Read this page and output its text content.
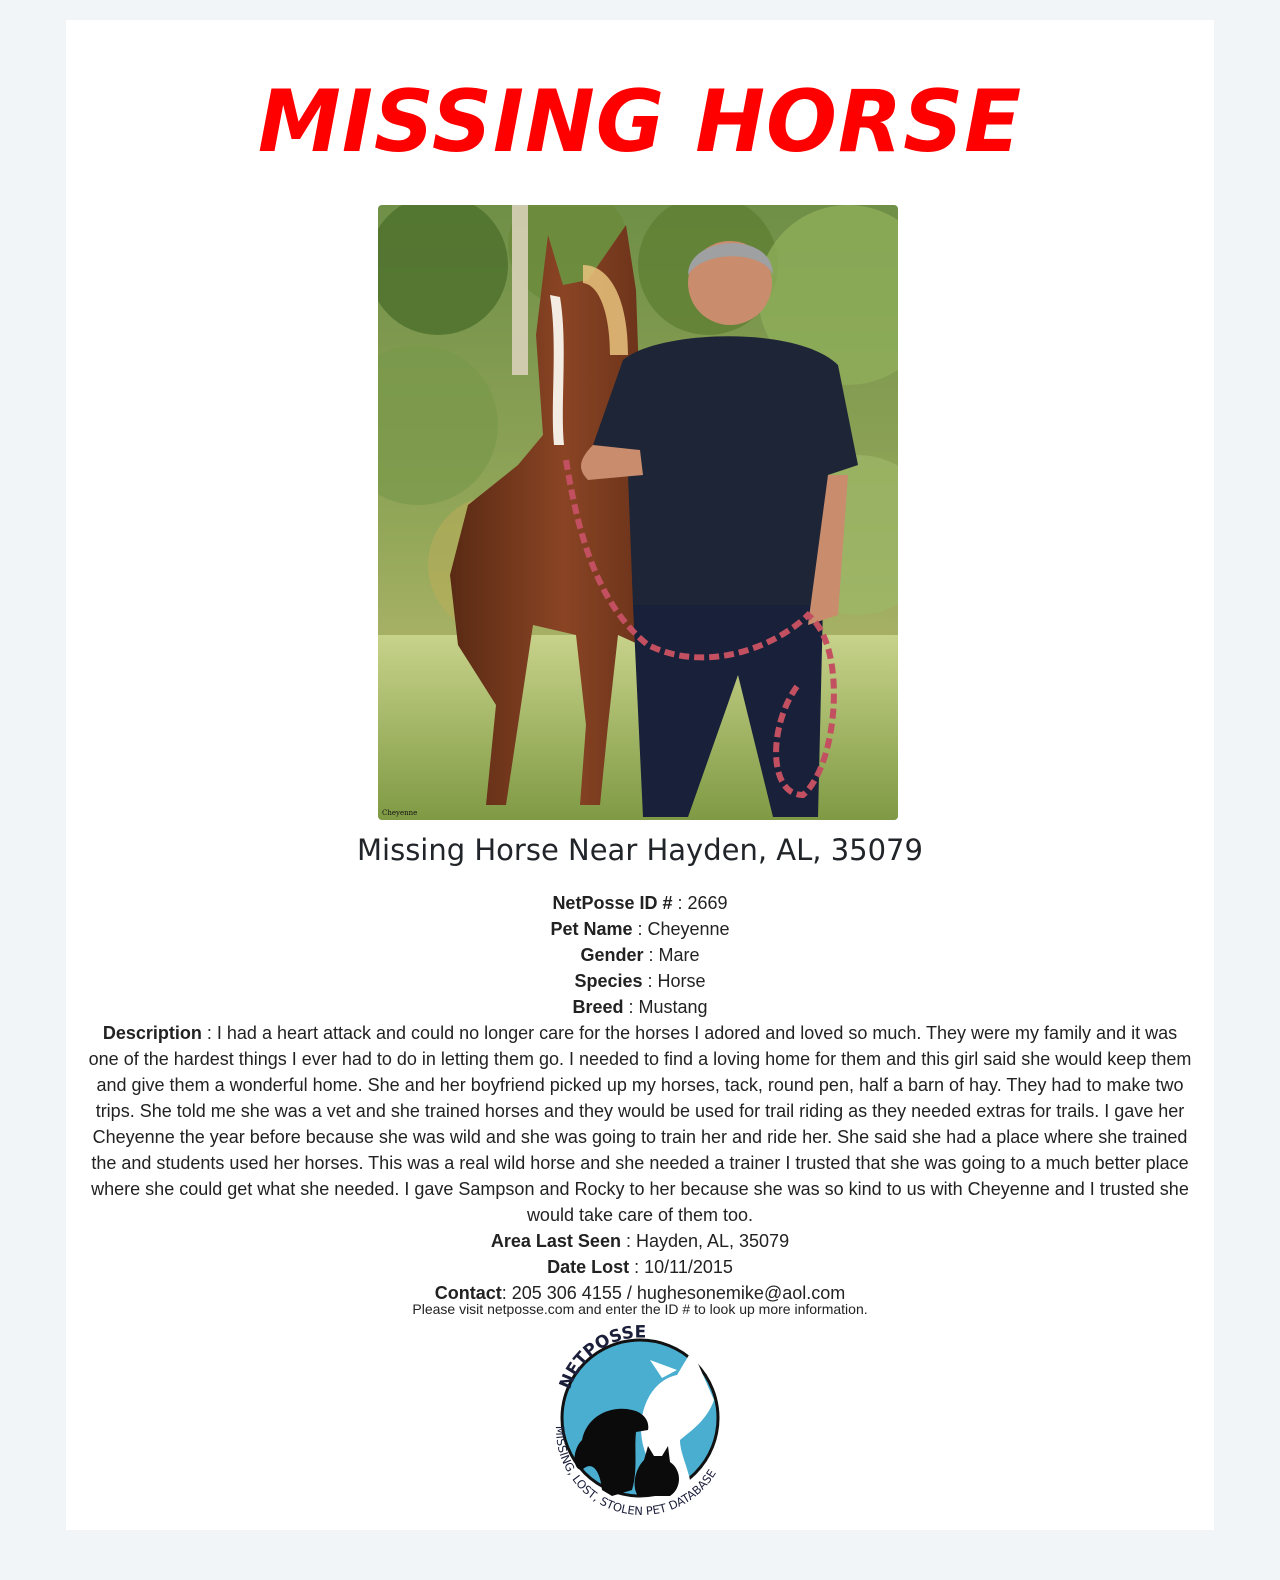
MISSING HORSE
Cheyenne
Missing Horse Near Hayden, AL, 35079

NetPosse ID # : 2669

Pet Name : Cheyenne

Gender : Mare

Species : Horse

Breed : Mustang

Description : I had a heart attack and could no longer care for the horses I adored and loved so much. They were my family and it was one of the hardest things I ever had to do in letting them go. I needed to find a loving home for them and this girl said she would keep them and give them a wonderful home. She and her boyfriend picked up my horses, tack, round pen, half a barn of hay. They had to make two trips. She told me she was a vet and she trained horses and they would be used for trail riding as they needed extras for trails. I gave her Cheyenne the year before because she was wild and she was going to train her and ride her. She said she had a place where she trained the and students used her horses. This was a real wild horse and she needed a trainer I trusted that she was going to a much better place where she could get what she needed. I gave Sampson and Rocky to her because she was so kind to us with Cheyenne and I trusted she would take care of them too.

Area Last Seen : Hayden, AL, 35079

Date Lost : 10/11/2015

Contact: 205 306 4155 / hughesonemike@aol.com

Please visit netposse.com and enter the ID # to look up more information.
NETPOSSE
MISSING, LOST, STOLEN PET DATABASE
